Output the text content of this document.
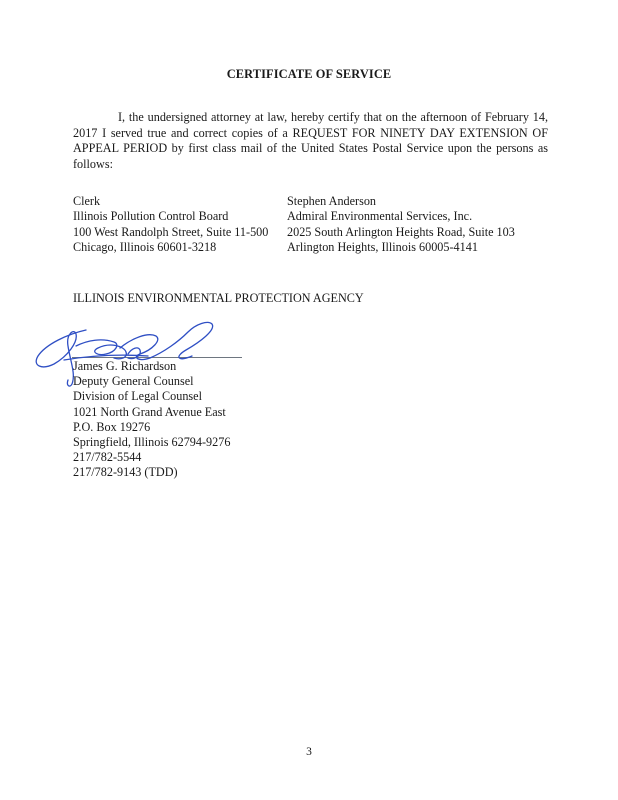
CERTIFICATE OF SERVICE
I, the undersigned attorney at law, hereby certify that on the afternoon of February 14, 2017 I served true and correct copies of a REQUEST FOR NINETY DAY EXTENSION OF APPEAL PERIOD by first class mail of the United States Postal Service upon the persons as follows:
Clerk
Illinois Pollution Control Board
100 West Randolph Street, Suite 11-500
Chicago, Illinois 60601-3218
Stephen Anderson
Admiral Environmental Services, Inc.
2025 South Arlington Heights Road, Suite 103
Arlington Heights, Illinois 60005-4141
ILLINOIS ENVIRONMENTAL PROTECTION AGENCY
James G. Richardson
Deputy General Counsel
Division of Legal Counsel
1021 North Grand Avenue East
P.O. Box 19276
Springfield, Illinois 62794-9276
217/782-5544
217/782-9143 (TDD)
3
